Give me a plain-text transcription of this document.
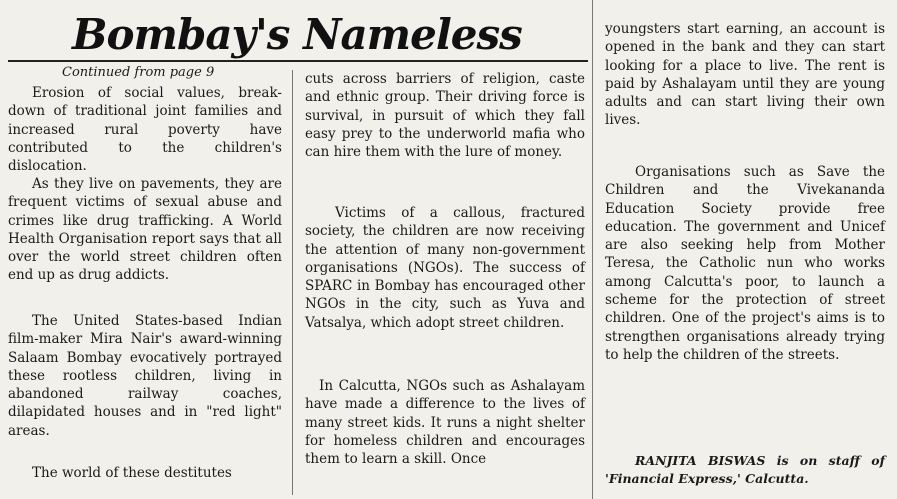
Bombay's Nameless
Continued from page 9

Erosion of social values, break-down of traditional joint families and increased rural poverty have contributed to the children's dislocation.

As they live on pavements, they are frequent victims of sexual abuse and crimes like drug trafficking. A World Health Organisation report says that all over the world street children often end up as drug addicts.

The United States-based Indian film-maker Mira Nair's award-winning Salaam Bombay evocatively portrayed these rootless children, living in abandoned railway coaches, dilapidated houses and in "red light" areas.

The world of these destitutes

cuts across barriers of religion, caste and ethnic group. Their driving force is survival, in pursuit of which they fall easy prey to the underworld mafia who can hire them with the lure of money.

Victims of a callous, fractured society, the children are now receiving the attention of many non-government organisations (NGOs). The success of SPARC in Bombay has encouraged other NGOs in the city, such as Yuva and Vatsalya, which adopt street children.

In Calcutta, NGOs such as Ashalayam have made a difference to the lives of many street kids. It runs a night shelter for homeless children and encourages them to learn a skill. Once

youngsters start earning, an account is opened in the bank and they can start looking for a place to live. The rent is paid by Ashalayam until they are young adults and can start living their own lives.

Organisations such as Save the Children and the Vivekananda Education Society provide free education. The government and Unicef are also seeking help from Mother Teresa, the Catholic nun who works among Calcutta's poor, to launch a scheme for the protection of street children. One of the project's aims is to strengthen organisations already trying to help the children of the streets.

RANJITA BISWAS is on staff of 'Financial Express,' Calcutta.
